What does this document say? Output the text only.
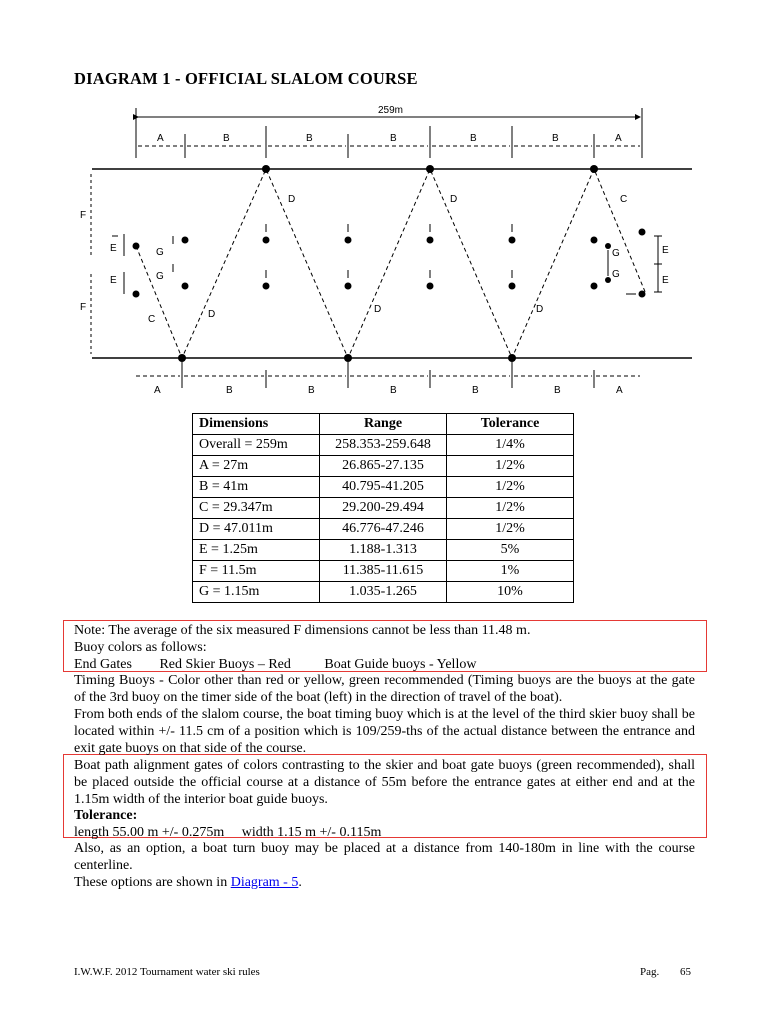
DIAGRAM 1 - OFFICIAL SLALOM COURSE
259m
A	B	B	B	B	B	A
F
F
C	D
D
D
D
D
C
E
E
G
G
E
E
G
G
A	B	B	B	B	B	A
Dimensions	Range	Tolerance
Overall = 259m	258.353-259.648	1/4%
A = 27m	26.865-27.135	1/2%
B = 41m	40.795-41.205	1/2%
C = 29.347m	29.200-29.494	1/2%
D = 47.011m	46.776-47.246	1/2%
E = 1.25m	1.188-1.313	5%
F = 11.5m	11.385-11.615	1%
G = 1.15m	1.035-1.265	10%
Note: The average of the six measured F dimensions cannot be less than 11.48 m.
Buoy colors as follows:
End Gates Red Skier Buoys – Red Boat Guide buoys - Yellow
Timing Buoys - Color other than red or yellow, green recommended (Timing buoys are the buoys at the gate of the 3rd buoy on the timer side of the boat (left) in the direction of travel of the boat).
From both ends of the slalom course, the boat timing buoy which is at the level of the third skier buoy shall be located within +/- 11.5 cm of a position which is 109/259-ths of the actual distance between the entrance and exit gate buoys on that side of the course.
Boat path alignment gates of colors contrasting to the skier and boat gate buoys (green recommended), shall be placed outside the official course at a distance of 55m before the entrance gates at either end and at the 1.15m width of the interior boat guide buoys.
Tolerance:
length 55.00 m +/- 0.275m width 1.15 m +/- 0.115m
Also, as an option, a boat turn buoy may be placed at a distance from 140-180m in line with the course centerline.
These options are shown in Diagram - 5.
I.W.W.F. 2012 Tournament water ski rules	Pag. 65
